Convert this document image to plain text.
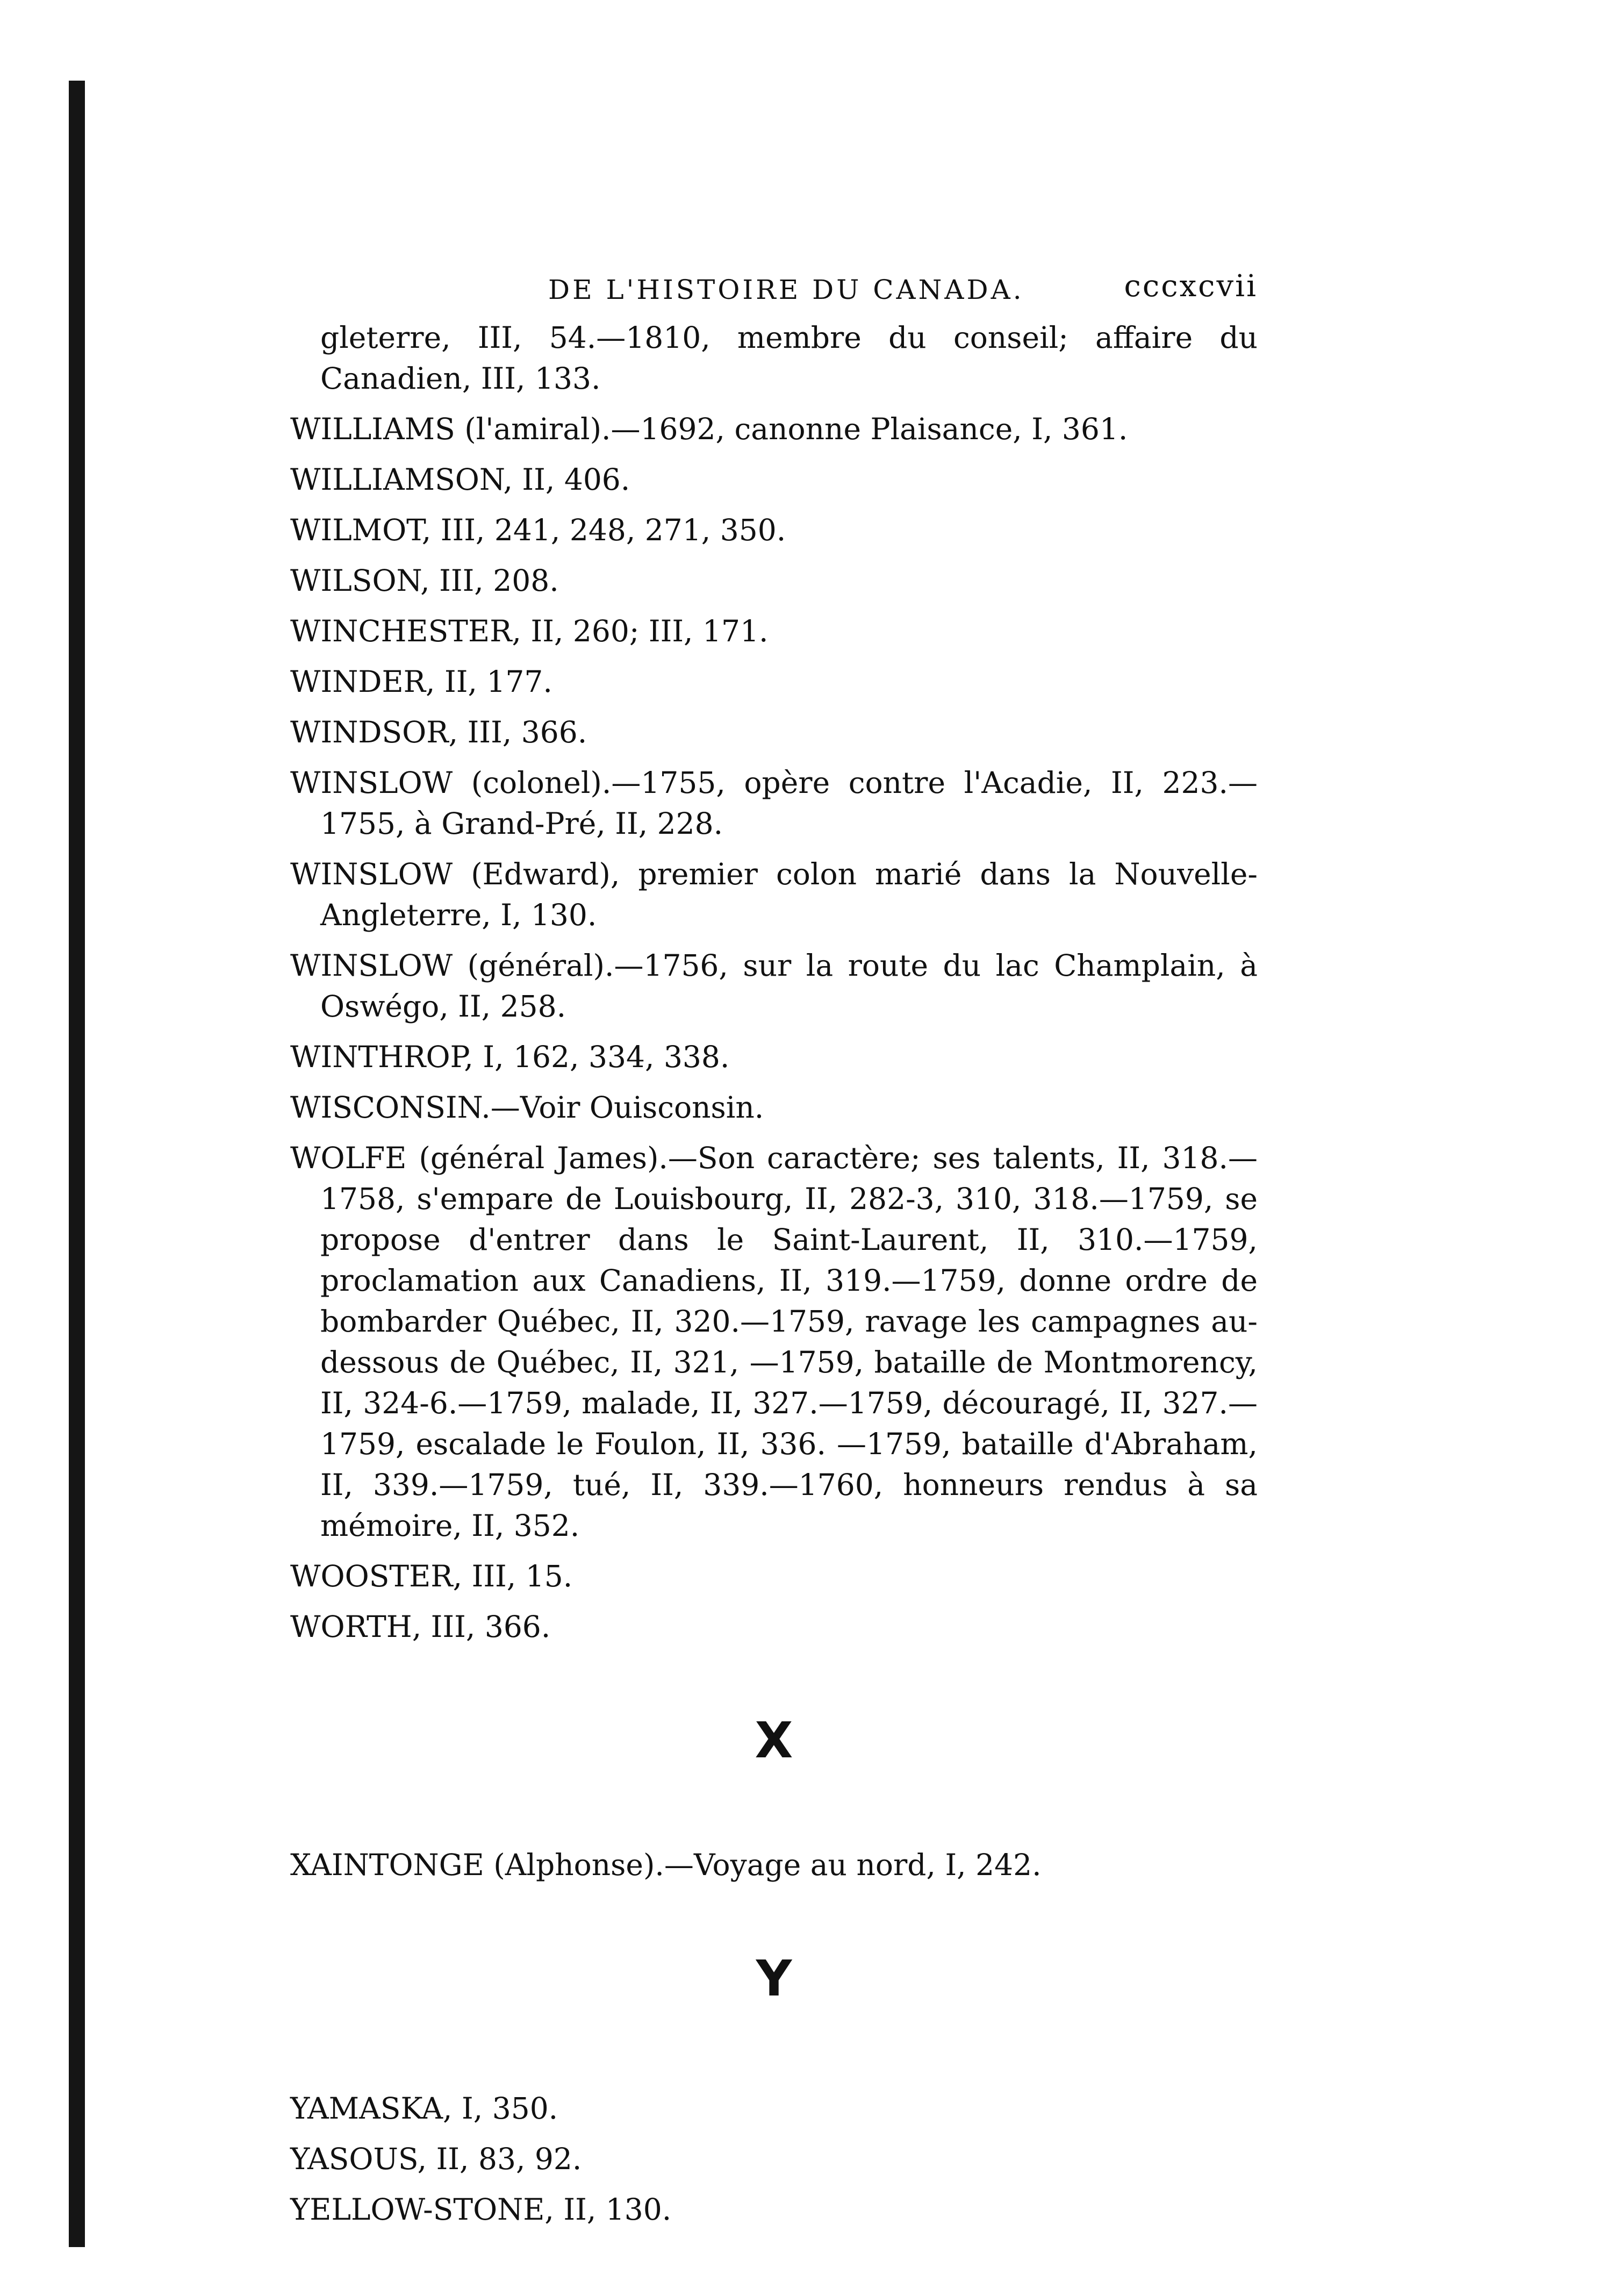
DE L'HISTOIRE DU CANADA.	cccxcvii

gleterre, III, 54.—1810, membre du conseil; affaire du Canadien, III, 133.

WILLIAMS (l'amiral).—1692, canonne Plaisance, I, 361.

WILLIAMSON, II, 406.

WILMOT, III, 241, 248, 271, 350.

WILSON, III, 208.

WINCHESTER, II, 260; III, 171.

WINDER, II, 177.

WINDSOR, III, 366.

WINSLOW (colonel).—1755, opère contre l'Acadie, II, 223.—1755, à Grand-Pré, II, 228.

WINSLOW (Edward), premier colon marié dans la Nouvelle-Angleterre, I, 130.

WINSLOW (général).—1756, sur la route du lac Champlain, à Oswégo, II, 258.

WINTHROP, I, 162, 334, 338.

WISCONSIN.—Voir Ouisconsin.

WOLFE (général James).—Son caractère; ses talents, II, 318.—1758, s'empare de Louisbourg, II, 282-3, 310, 318.—1759, se propose d'entrer dans le Saint-Laurent, II, 310.—1759, proclamation aux Canadiens, II, 319.—1759, donne ordre de bombarder Québec, II, 320.—1759, ravage les campagnes au-dessous de Québec, II, 321, —1759, bataille de Montmorency, II, 324-6.—1759, malade, II, 327.—1759, découragé, II, 327.—1759, escalade le Foulon, II, 336. —1759, bataille d'Abraham, II, 339.—1759, tué, II, 339.—1760, honneurs rendus à sa mémoire, II, 352.

WOOSTER, III, 15.

WORTH, III, 366.

X

XAINTONGE (Alphonse).—Voyage au nord, I, 242.

Y

YAMASKA, I, 350.

YASOUS, II, 83, 92.

YELLOW-STONE, II, 130.
